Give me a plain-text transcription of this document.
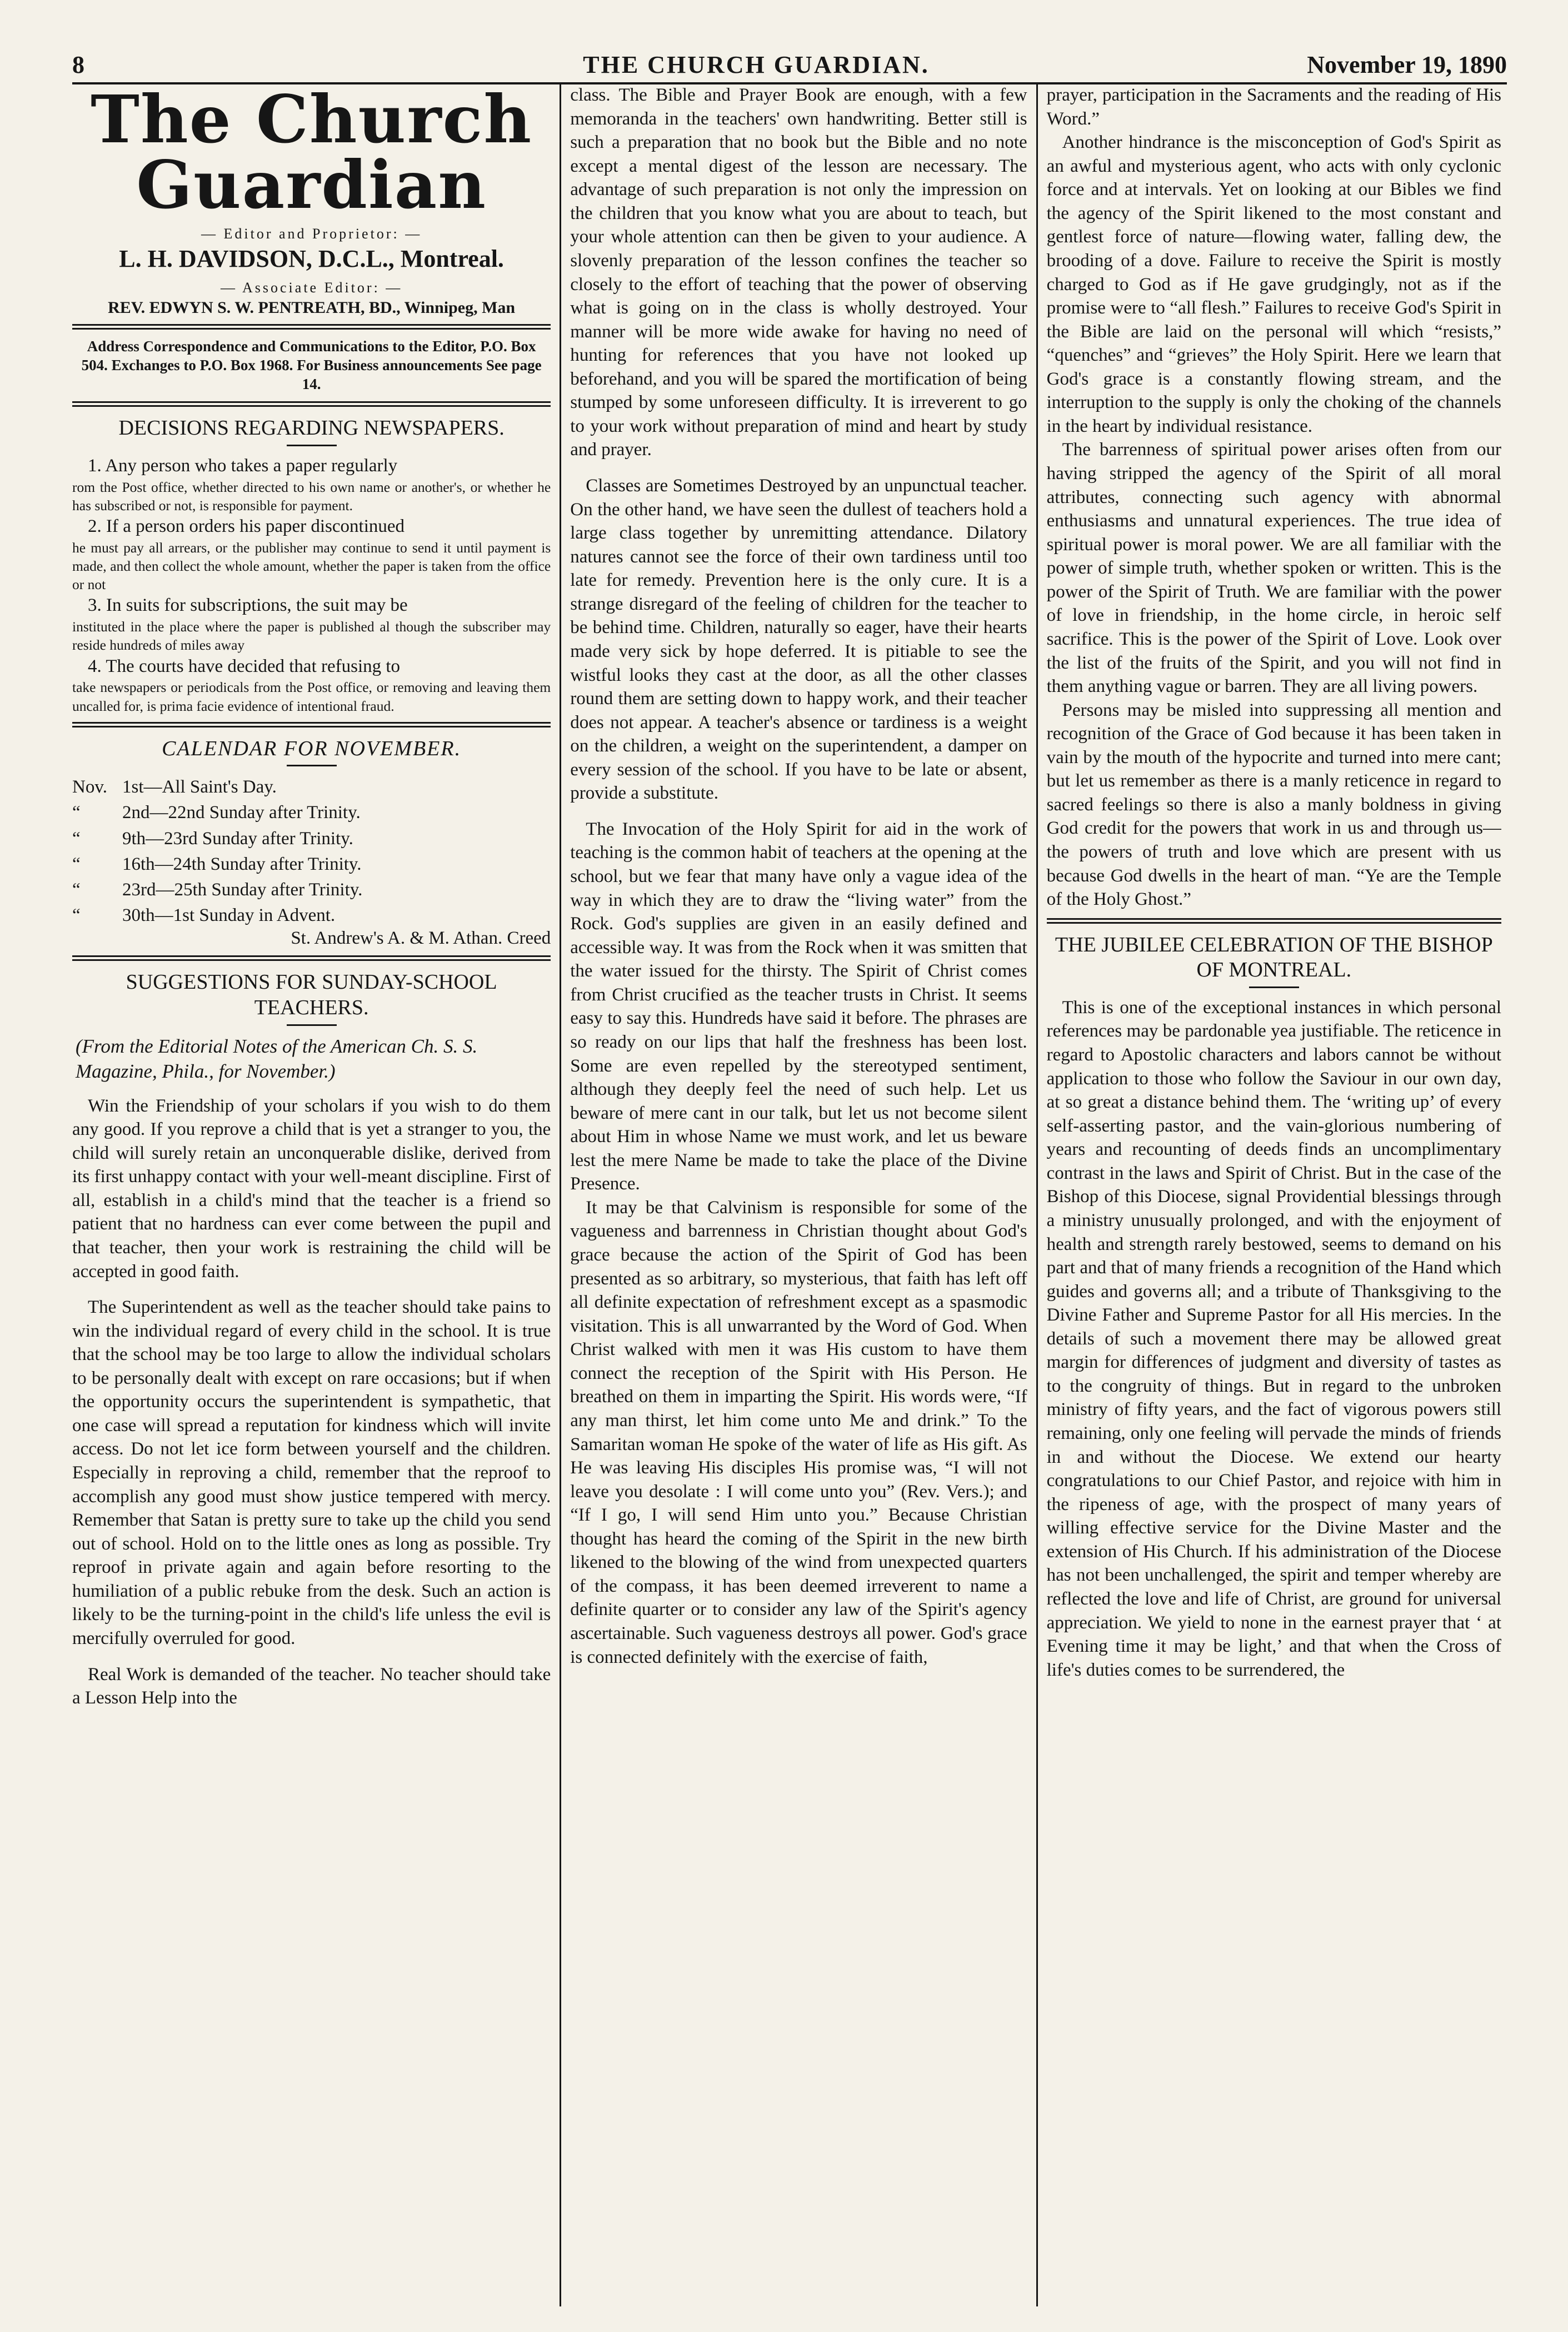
8	THE CHURCH GUARDIAN.	November 19, 1890
The Church Guardian
— Editor and Proprietor: —
L. H. DAVIDSON, D.C.L., Montreal.
— Associate Editor: —
REV. EDWYN S. W. PENTREATH, BD., Winnipeg, Man
Address Correspondence and Communications to the Editor, P.O. Box 504. Exchanges to P.O. Box 1968. For Business announcements See page 14.
DECISIONS REGARDING NEWSPAPERS.

1. Any person who takes a paper regularly

rom the Post office, whether directed to his own name or another's, or whether he has subscribed or not, is responsible for payment.

2. If a person orders his paper discontinued

he must pay all arrears, or the publisher may continue to send it until payment is made, and then collect the whole amount, whether the paper is taken from the office or not

3. In suits for subscriptions, the suit may be

instituted in the place where the paper is published al though the subscriber may reside hundreds of miles away

4. The courts have decided that refusing to

take newspapers or periodicals from the Post office, or removing and leaving them uncalled for, is prima facie evidence of intentional fraud.

CALENDAR FOR NOVEMBER.
Nov. 1st—All Saint's Day.
“ 2nd—22nd Sunday after Trinity.
“ 9th—23rd Sunday after Trinity.
“ 16th—24th Sunday after Trinity.
“ 23rd—25th Sunday after Trinity.
“ 30th—1st Sunday in Advent.
St. Andrew's A. & M. Athan. Creed
SUGGESTIONS FOR SUNDAY-SCHOOL TEACHERS.
(From the Editorial Notes of the American Ch. S. S. Magazine, Phila., for November.)

Win the Friendship of your scholars if you wish to do them any good. If you reprove a child that is yet a stranger to you, the child will surely retain an unconquerable dislike, derived from its first unhappy contact with your well-meant discipline. First of all, establish in a child's mind that the teacher is a friend so patient that no hardness can ever come between the pupil and that teacher, then your work is restraining the child will be accepted in good faith.

The Superintendent as well as the teacher should take pains to win the individual regard of every child in the school. It is true that the school may be too large to allow the individual scholars to be personally dealt with except on rare occasions; but if when the opportunity occurs the superintendent is sympathetic, that one case will spread a reputation for kindness which will invite access. Do not let ice form between yourself and the children. Especially in reproving a child, remember that the reproof to accomplish any good must show justice tempered with mercy. Remember that Satan is pretty sure to take up the child you send out of school. Hold on to the little ones as long as possible. Try reproof in private again and again before resorting to the humiliation of a public rebuke from the desk. Such an action is likely to be the turning-point in the child's life unless the evil is mercifully overruled for good.

Real Work is demanded of the teacher. No teacher should take a Lesson Help into the

class. The Bible and Prayer Book are enough, with a few memoranda in the teachers' own handwriting. Better still is such a preparation that no book but the Bible and no note except a mental digest of the lesson are necessary. The advantage of such preparation is not only the impression on the children that you know what you are about to teach, but your whole attention can then be given to your audience. A slovenly preparation of the lesson confines the teacher so closely to the effort of teaching that the power of observing what is going on in the class is wholly destroyed. Your manner will be more wide awake for having no need of hunting for references that you have not looked up beforehand, and you will be spared the mortification of being stumped by some unforeseen difficulty. It is irreverent to go to your work without preparation of mind and heart by study and prayer.

Classes are Sometimes Destroyed by an unpunctual teacher. On the other hand, we have seen the dullest of teachers hold a large class together by unremitting attendance. Dilatory natures cannot see the force of their own tardiness until too late for remedy. Prevention here is the only cure. It is a strange disregard of the feeling of children for the teacher to be behind time. Children, naturally so eager, have their hearts made very sick by hope deferred. It is pitiable to see the wistful looks they cast at the door, as all the other classes round them are setting down to happy work, and their teacher does not appear. A teacher's absence or tardiness is a weight on the children, a weight on the superintendent, a damper on every session of the school. If you have to be late or absent, provide a substitute.

The Invocation of the Holy Spirit for aid in the work of teaching is the common habit of teachers at the opening at the school, but we fear that many have only a vague idea of the way in which they are to draw the “living water” from the Rock. God's supplies are given in an easily defined and accessible way. It was from the Rock when it was smitten that the water issued for the thirsty. The Spirit of Christ comes from Christ crucified as the teacher trusts in Christ. It seems easy to say this. Hundreds have said it before. The phrases are so ready on our lips that half the freshness has been lost. Some are even repelled by the stereotyped sentiment, although they deeply feel the need of such help. Let us beware of mere cant in our talk, but let us not become silent about Him in whose Name we must work, and let us beware lest the mere Name be made to take the place of the Divine Presence.

It may be that Calvinism is responsible for some of the vagueness and barrenness in Christian thought about God's grace because the action of the Spirit of God has been presented as so arbitrary, so mysterious, that faith has left off all definite expectation of refreshment except as a spasmodic visitation. This is all unwarranted by the Word of God. When Christ walked with men it was His custom to have them connect the reception of the Spirit with His Person. He breathed on them in imparting the Spirit. His words were, “If any man thirst, let him come unto Me and drink.” To the Samaritan woman He spoke of the water of life as His gift. As He was leaving His disciples His promise was, “I will not leave you desolate : I will come unto you” (Rev. Vers.); and “If I go, I will send Him unto you.” Because Christian thought has heard the coming of the Spirit in the new birth likened to the blowing of the wind from unexpected quarters of the compass, it has been deemed irreverent to name a definite quarter or to consider any law of the Spirit's agency ascertainable. Such vagueness destroys all power. God's grace is connected definitely with the exercise of faith,

prayer, participation in the Sacraments and the reading of His Word.”

Another hindrance is the misconception of God's Spirit as an awful and mysterious agent, who acts with only cyclonic force and at intervals. Yet on looking at our Bibles we find the agency of the Spirit likened to the most constant and gentlest force of nature—flowing water, falling dew, the brooding of a dove. Failure to receive the Spirit is mostly charged to God as if He gave grudgingly, not as if the promise were to “all flesh.” Failures to receive God's Spirit in the Bible are laid on the personal will which “resists,” “quenches” and “grieves” the Holy Spirit. Here we learn that God's grace is a constantly flowing stream, and the interruption to the supply is only the choking of the channels in the heart by individual resistance.

The barrenness of spiritual power arises often from our having stripped the agency of the Spirit of all moral attributes, connecting such agency with abnormal enthusiasms and unnatural experiences. The true idea of spiritual power is moral power. We are all familiar with the power of simple truth, whether spoken or written. This is the power of the Spirit of Truth. We are familiar with the power of love in friendship, in the home circle, in heroic self sacrifice. This is the power of the Spirit of Love. Look over the list of the fruits of the Spirit, and you will not find in them anything vague or barren. They are all living powers.

Persons may be misled into suppressing all mention and recognition of the Grace of God because it has been taken in vain by the mouth of the hypocrite and turned into mere cant; but let us remember as there is a manly reticence in regard to sacred feelings so there is also a manly boldness in giving God credit for the powers that work in us and through us—the powers of truth and love which are present with us because God dwells in the heart of man. “Ye are the Temple of the Holy Ghost.”

THE JUBILEE CELEBRATION OF THE BISHOP OF MONTREAL.

This is one of the exceptional instances in which personal references may be pardonable yea justifiable. The reticence in regard to Apostolic characters and labors cannot be without application to those who follow the Saviour in our own day, at so great a distance behind them. The ‘writing up’ of every self-asserting pastor, and the vain-glorious numbering of years and recounting of deeds finds an uncomplimentary contrast in the laws and Spirit of Christ. But in the case of the Bishop of this Diocese, signal Providential blessings through a ministry unusually prolonged, and with the enjoyment of health and strength rarely bestowed, seems to demand on his part and that of many friends a recognition of the Hand which guides and governs all; and a tribute of Thanksgiving to the Divine Father and Supreme Pastor for all His mercies. In the details of such a movement there may be allowed great margin for differences of judgment and diversity of tastes as to the congruity of things. But in regard to the unbroken ministry of fifty years, and the fact of vigorous powers still remaining, only one feeling will pervade the minds of friends in and without the Diocese. We extend our hearty congratulations to our Chief Pastor, and rejoice with him in the ripeness of age, with the prospect of many years of willing effective service for the Divine Master and the extension of His Church. If his administration of the Diocese has not been unchallenged, the spirit and temper whereby are reflected the love and life of Christ, are ground for universal appreciation. We yield to none in the earnest prayer that ‘ at Evening time it may be light,’ and that when the Cross of life's duties comes to be surrendered, the
